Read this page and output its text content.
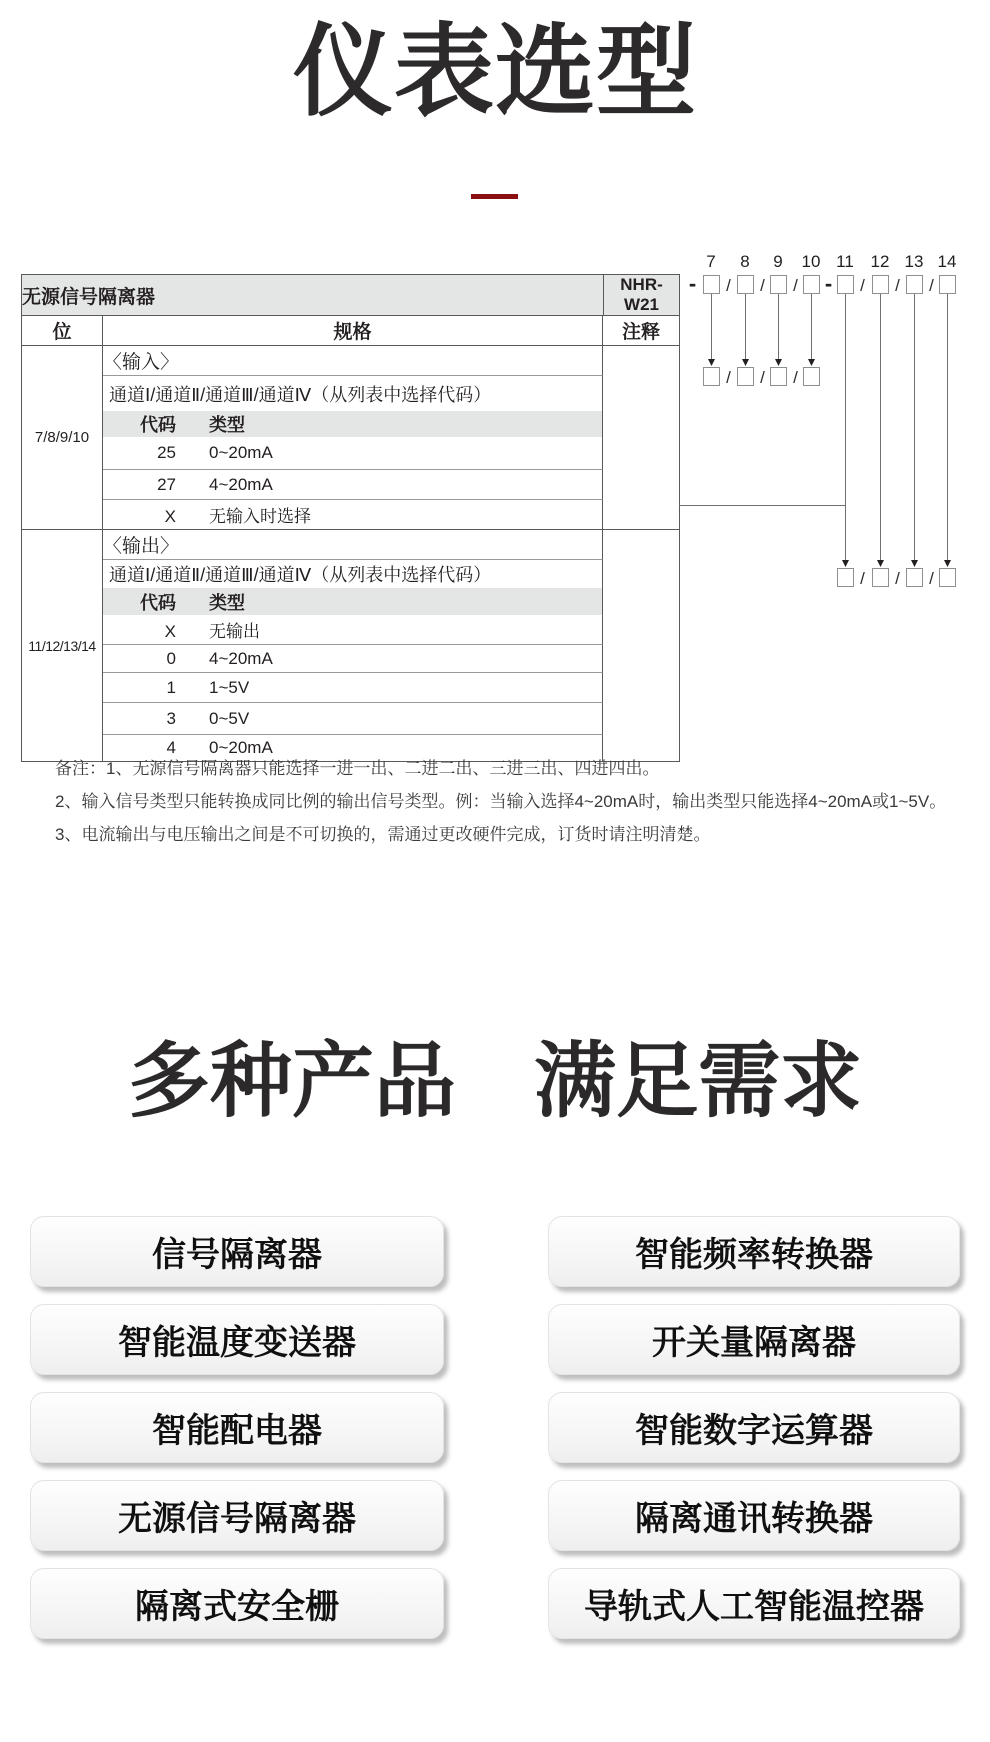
仪表选型
无源信号隔离器		NHR-W21
位	规格	注释
7/8/9/10	〈输入〉	
	通道Ⅰ/通道Ⅱ/通道Ⅲ/通道Ⅳ（从列表中选择代码）	
	代码 类型	
	25 0~20mA	
	27 4~20mA	
	X 无输入时选择	
11/12/13/14	〈输出〉	
	通道Ⅰ/通道Ⅱ/通道Ⅲ/通道Ⅳ（从列表中选择代码）	
	代码 类型	
	X 无输出	
	0 4~20mA	
	1 1~5V	
	3 0~5V	
	4 0~20mA	
7	8	9	10 11 12 13 14
-	/	/	/ -	/	/	/
/	/	/
/	/	/

备注：1、无源信号隔离器只能选择一进一出、二进二出、三进三出、四进四出。

2、输入信号类型只能转换成同比例的输出信号类型。例：当输入选择4~20mA时，输出类型只能选择4~20mA或1~5V。

3、电流输出与电压输出之间是不可切换的，需通过更改硬件完成，订货时请注明清楚。

多种产品 满足需求
信号隔离器
智能温度变送器
智能配电器
无源信号隔离器
隔离式安全栅
智能频率转换器
开关量隔离器
智能数字运算器
隔离通讯转换器
导轨式人工智能温控器
